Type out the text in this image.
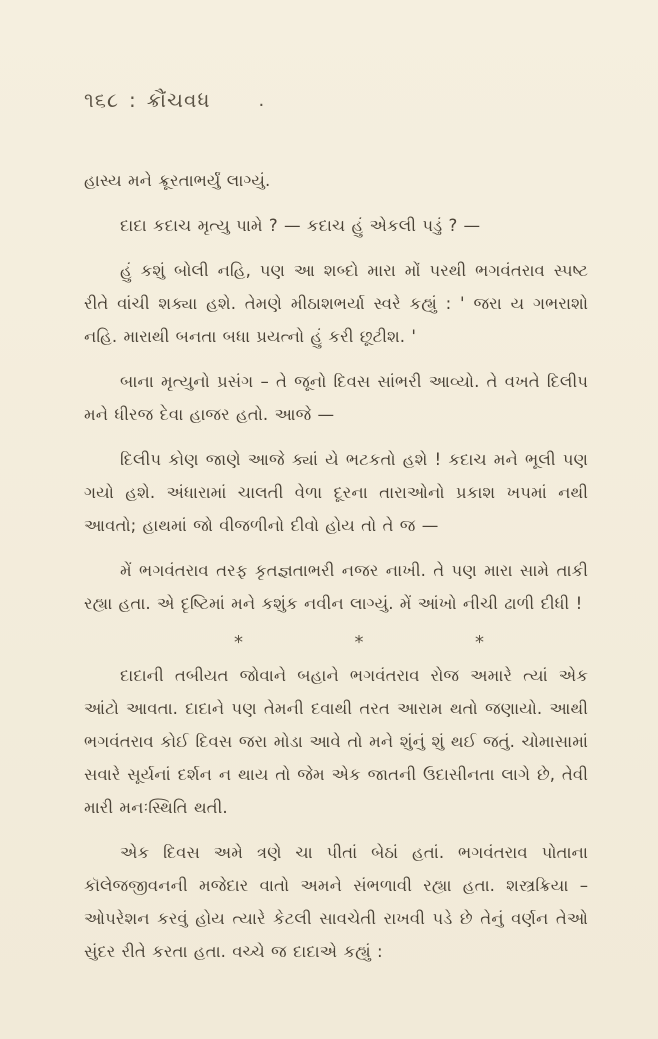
૧૬૮ : ક્રૌંચવધ	.

હાસ્ય મને ક્રૂરતાભર્યું લાગ્યું.

દાદા કદાચ મૃત્યુ પામે ? — કદાચ હું એકલી પડું ? —

હું કશું બોલી નહિ, પણ આ શબ્દો મારા મોં પરથી ભગવંતરાવ સ્પષ્ટ રીતે વાંચી શક્યા હશે. તેમણે મીઠાશભર્યા સ્વરે કહ્યું : ' જરા ય ગભરાશો નહિ. મારાથી બનતા બધા પ્રયત્નો હું કરી છૂટીશ. '

બાના મૃત્યુનો પ્રસંગ – તે જૂનો દિવસ સાંભરી આવ્યો. તે વખતે દિલીપ મને ધીરજ દેવા હાજર હતો. આજે —

દિલીપ કોણ જાણે આજે ક્યાં યે ભટકતો હશે ! કદાચ મને ભૂલી પણ ગયો હશે. અંધારામાં ચાલતી વેળા દૂરના તારાઓનો પ્રકાશ ખપમાં નથી આવતો; હાથમાં જો વીજળીનો દીવો હોય તો તે જ —

મેં ભગવંતરાવ તરફ કૃતજ્ઞતાભરી નજર નાખી. તે પણ મારા સામે તાકી રહ્યા હતા. એ દૃષ્ટિમાં મને કશુંક નવીન લાગ્યું. મેં આંખો નીચી ઢાળી દીધી !

*	*	*

દાદાની તબીયત જોવાને બહાને ભગવંતરાવ રોજ અમારે ત્યાં એક આંટો આવતા. દાદાને પણ તેમની દવાથી તરત આરામ થતો જણાયો. આથી ભગવંતરાવ કોઈ દિવસ જરા મોડા આવે તો મને શુંનું શું થઈ જતું. ચોમાસામાં સવારે સૂર્યનાં દર્શન ન થાય તો જેમ એક જાતની ઉદાસીનતા લાગે છે, તેવી મારી મનઃસ્થિતિ થતી.

એક દિવસ અમે ત્રણે ચા પીતાં બેઠાં હતાં. ભગવંતરાવ પોતાના કૉલેજજીવનની મજેદાર વાતો અમને સંભળાવી રહ્યા હતા. શસ્ત્રક્રિયા – ઓપરેશન કરવું હોય ત્યારે કેટલી સાવચેતી રાખવી પડે છે તેનું વર્ણન તેઓ સુંદર રીતે કરતા હતા. વચ્ચે જ દાદાએ કહ્યું :
